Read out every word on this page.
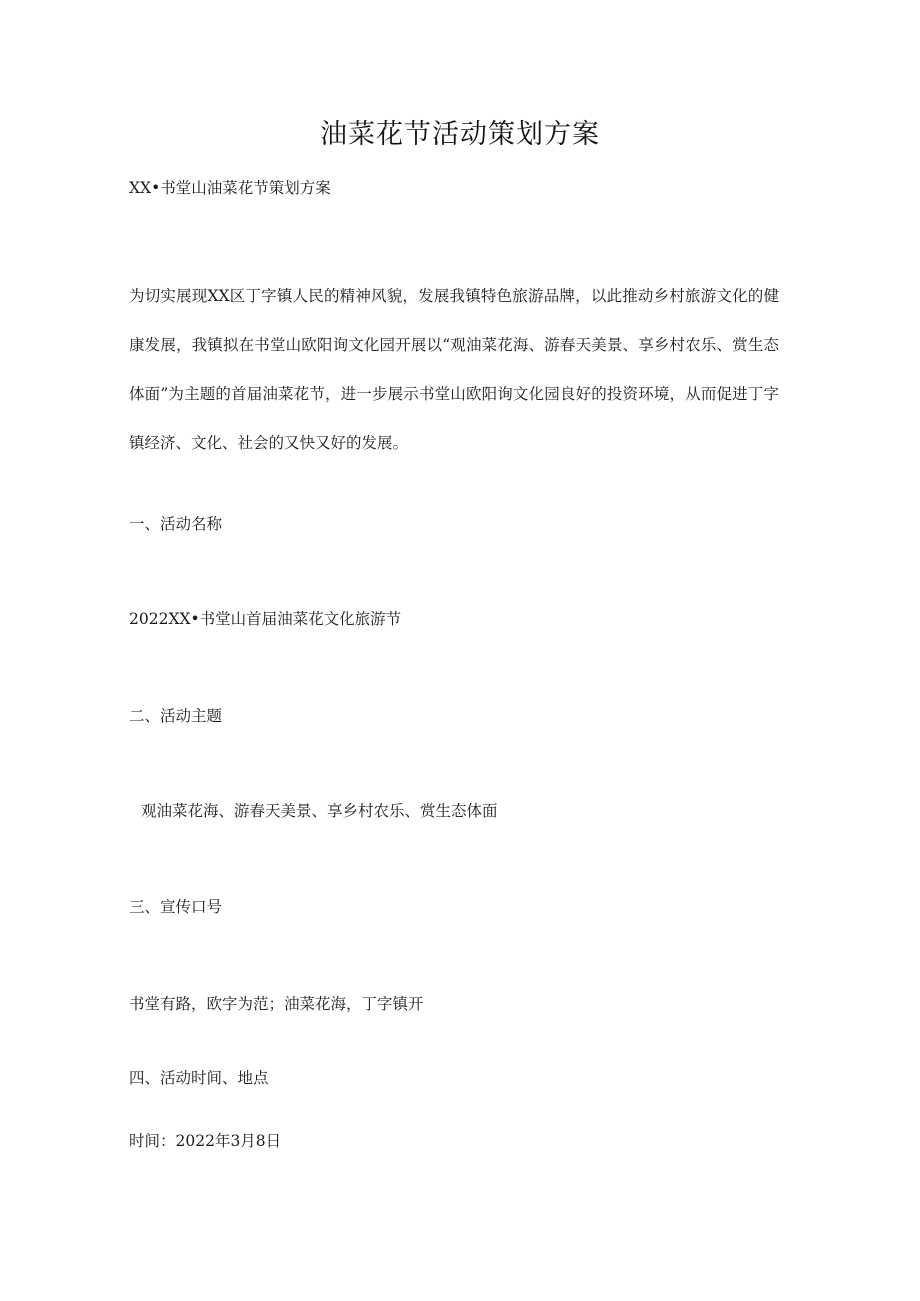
油菜花节活动策划方案

XX•书堂山油菜花节策划方案

为切实展现XX区丁字镇人民的精神风貌，发展我镇特色旅游品牌，以此推动乡村旅游文化的健康发展，我镇拟在书堂山欧阳询文化园开展以“观油菜花海、游春天美景、享乡村农乐、赏生态体面”为主题的首届油菜花节，进一步展示书堂山欧阳询文化园良好的投资环境，从而促进丁字镇经济、文化、社会的又快又好的发展。

一、活动名称

2022XX•书堂山首届油菜花文化旅游节

二、活动主题

观油菜花海、游春天美景、享乡村农乐、赏生态体面

三、宣传口号

书堂有路，欧字为范；油菜花海，丁字镇开

四、活动时间、地点

时间：2022年3月8日
